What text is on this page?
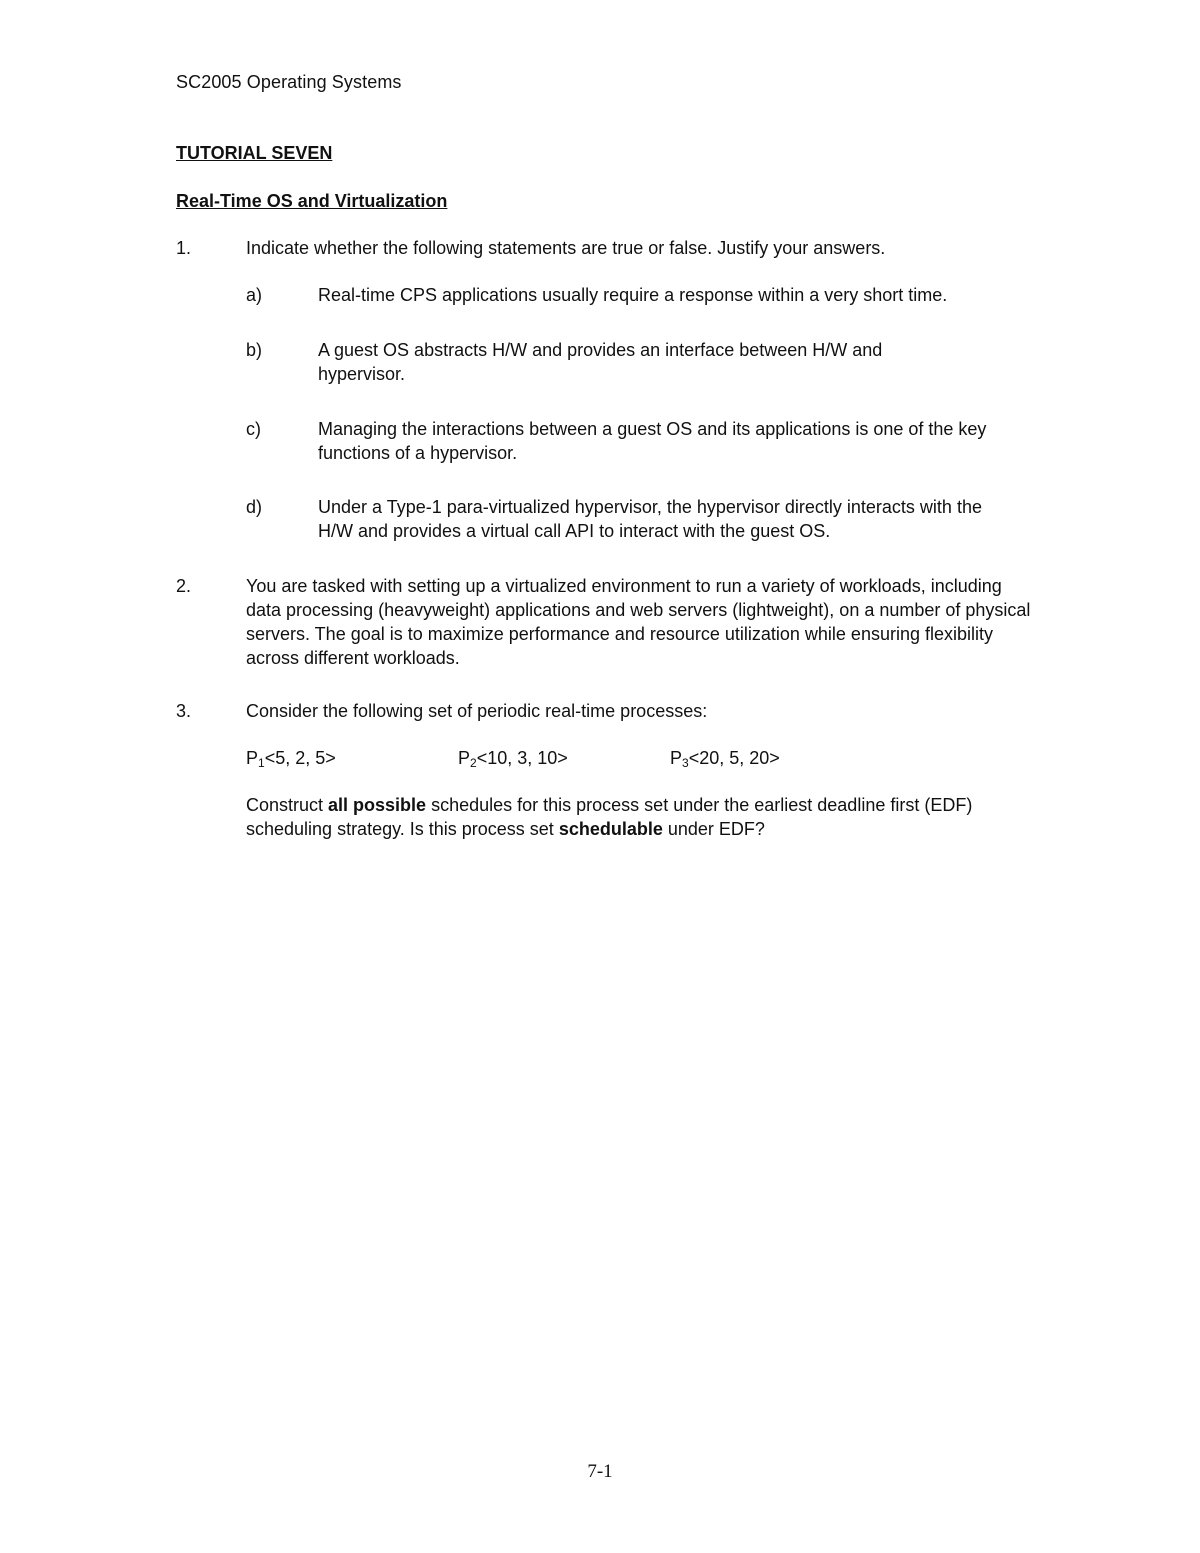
SC2005 Operating Systems
TUTORIAL SEVEN
Real-Time OS and Virtualization
1.	Indicate whether the following statements are true or false. Justify your answers.
a)	Real-time CPS applications usually require a response within a very short time.
b)	A guest OS abstracts H/W and provides an interface between H/W and hypervisor.
c)	Managing the interactions between a guest OS and its applications is one of the key functions of a hypervisor.
d)	Under a Type-1 para-virtualized hypervisor, the hypervisor directly interacts with the H/W and provides a virtual call API to interact with the guest OS.
2.	You are tasked with setting up a virtualized environment to run a variety of workloads, including data processing (heavyweight) applications and web servers (lightweight), on a number of physical servers. The goal is to maximize performance and resource utilization while ensuring flexibility across different workloads.
3.	Consider the following set of periodic real-time processes:
$P_1<5$, 2, 5>	$P_2<10$, 3, 10>	$P_3<20$, 5, 20>
Construct all possible schedules for this process set under the earliest deadline first (EDF) scheduling strategy. Is this process set schedulable under EDF?
7-1
